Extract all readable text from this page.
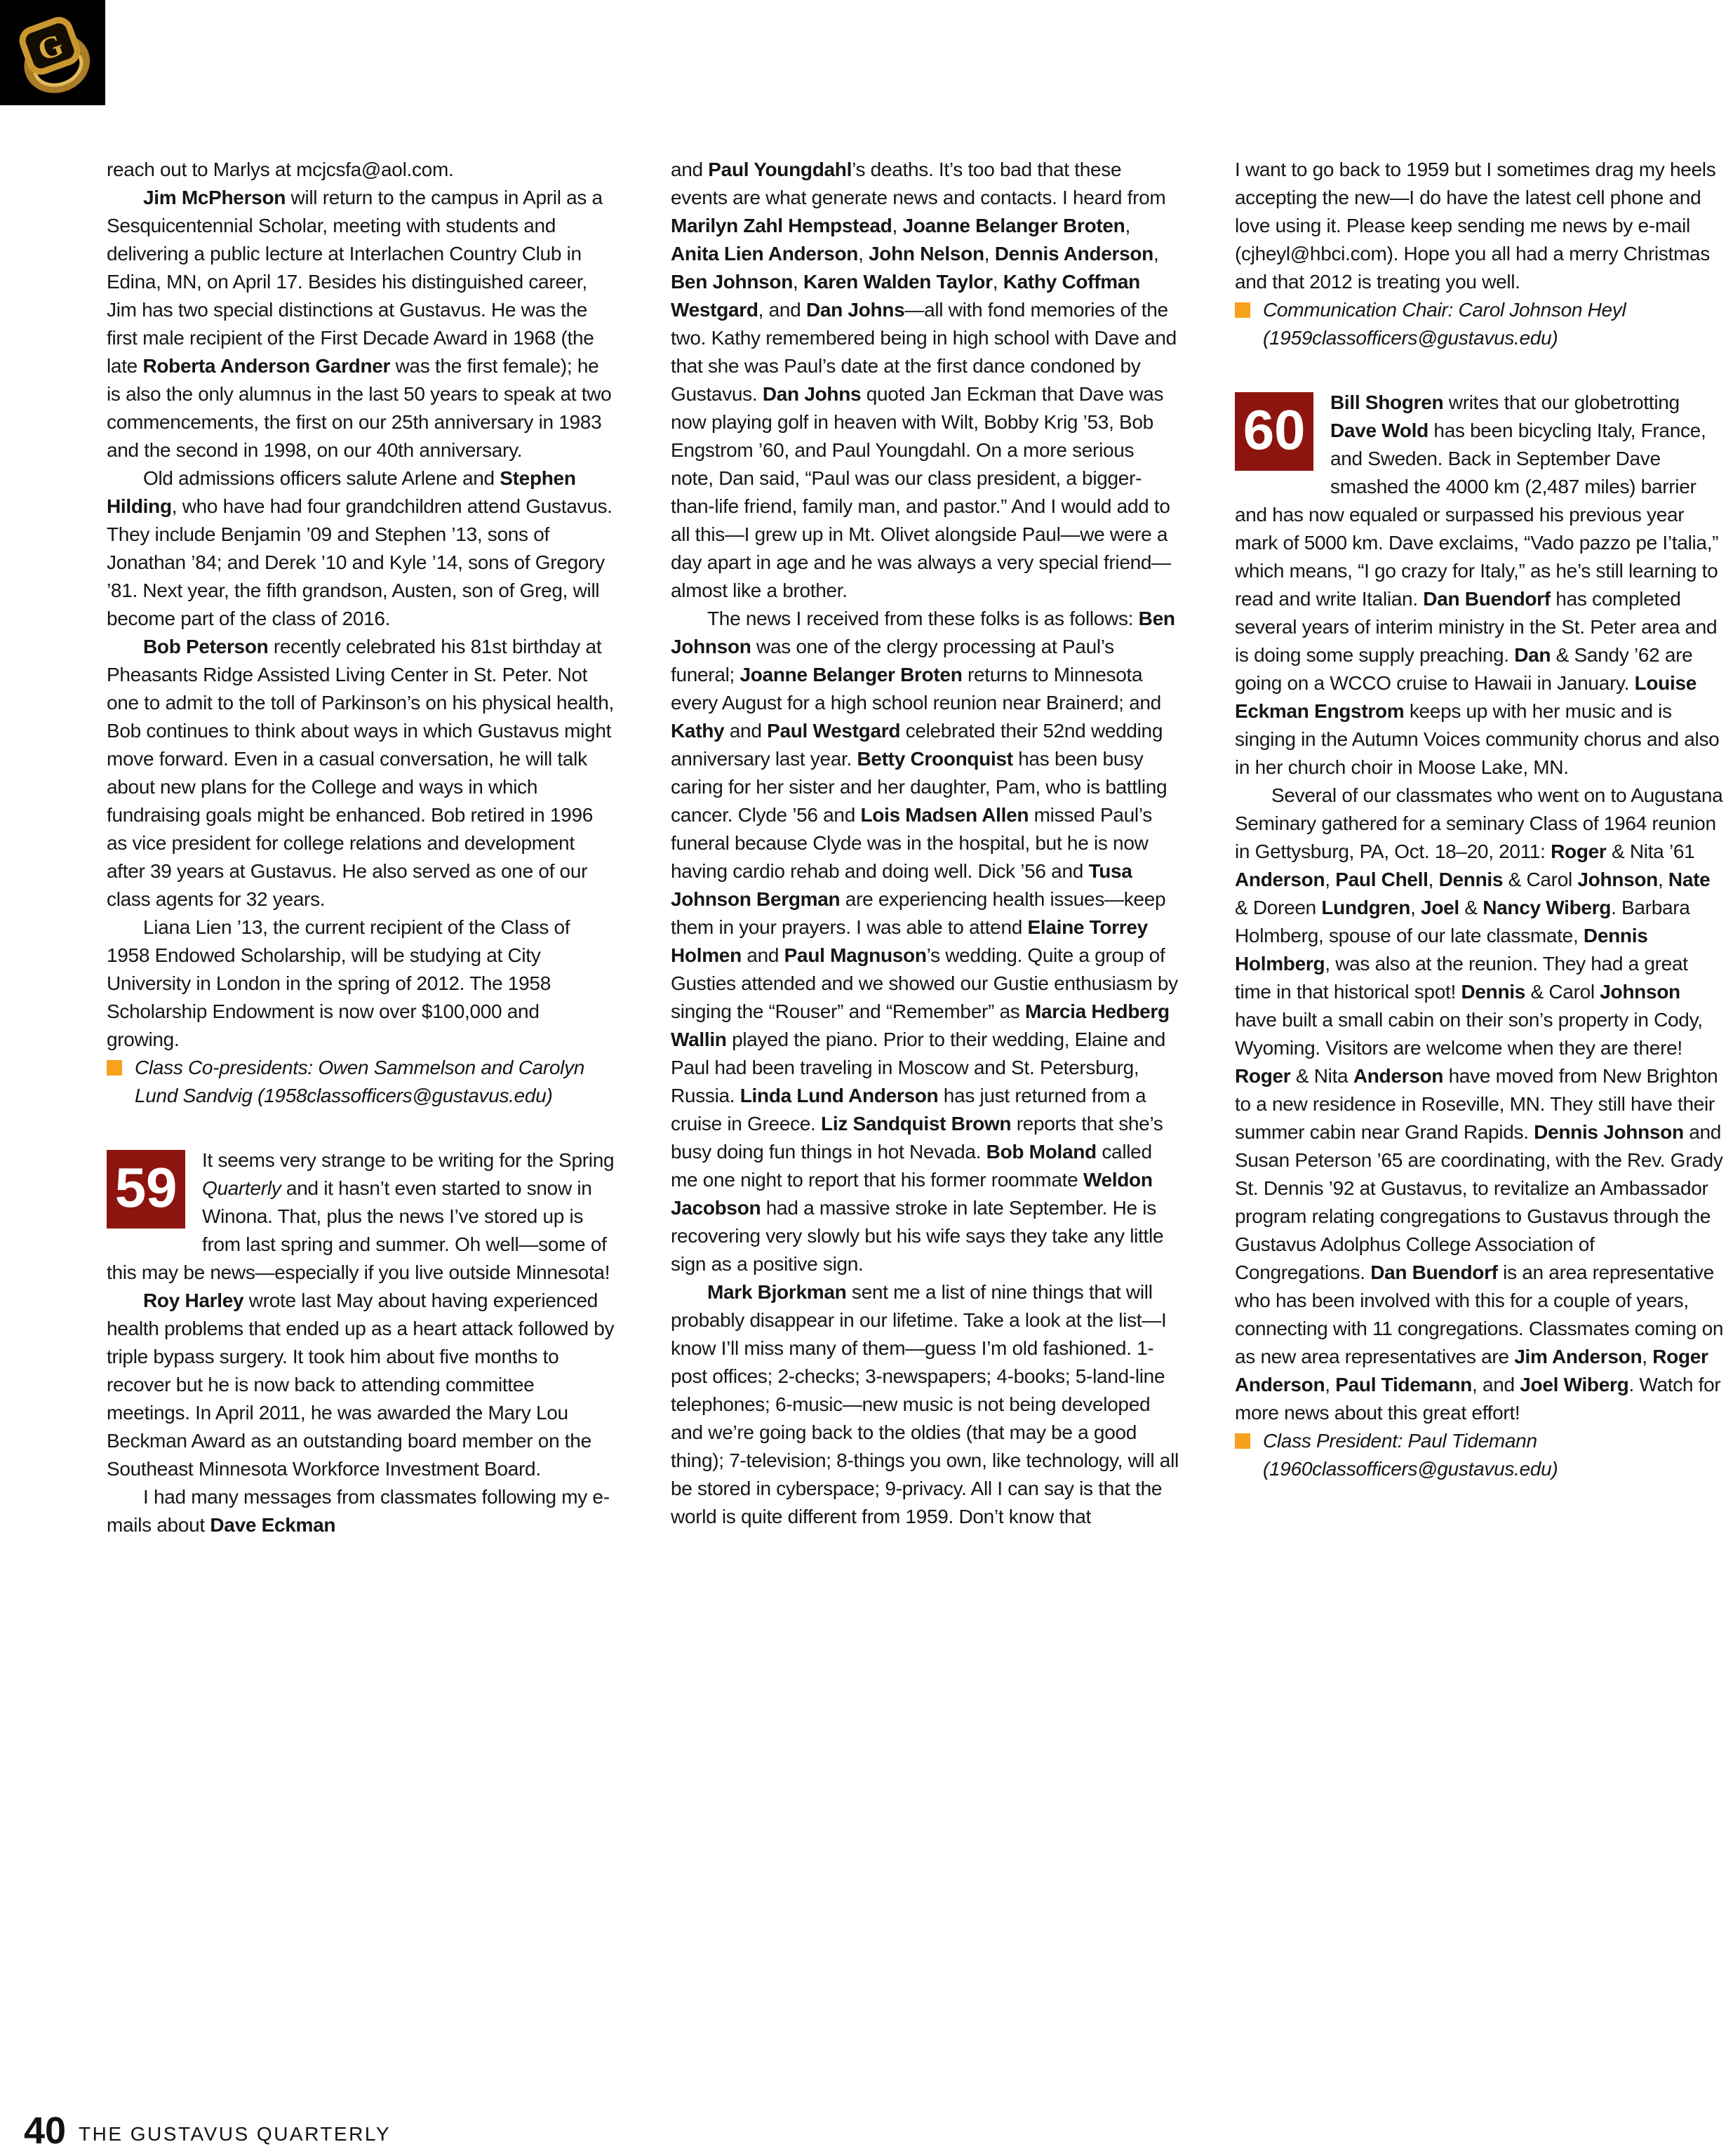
G
reach out to Marlys at mcjcsfa@aol.com.
Jim McPherson will return to the campus in April as a Sesquicentennial Scholar, meeting with students and delivering a public lecture at Interlachen Country Club in Edina, MN, on April 17. Besides his distinguished career, Jim has two special distinctions at Gustavus. He was the first male recipient of the First Decade Award in 1968 (the late Roberta Anderson Gardner was the first female); he is also the only alumnus in the last 50 years to speak at two commencements, the first on our 25th anniversary in 1983 and the second in 1998, on our 40th anniversary.
Old admissions officers salute Arlene and Stephen Hilding, who have had four grandchildren attend Gustavus. They include Benjamin ’09 and Stephen ’13, sons of Jonathan ’84; and Derek ’10 and Kyle ’14, sons of Gregory ’81. Next year, the fifth grandson, Austen, son of Greg, will become part of the class of 2016.
Bob Peterson recently celebrated his 81st birthday at Pheasants Ridge Assisted Living Center in St. Peter. Not one to admit to the toll of Parkinson’s on his physical health, Bob continues to think about ways in which Gustavus might move forward. Even in a casual conversation, he will talk about new plans for the College and ways in which fundraising goals might be enhanced. Bob retired in 1996 as vice president for college relations and development after 39 years at Gustavus. He also served as one of our class agents for 32 years.
Liana Lien ’13, the current recipient of the Class of 1958 Endowed Scholarship, will be studying at City University in London in the spring of 2012. The 1958 Scholarship Endowment is now over $100,000 and growing.
Class Co-presidents: Owen Sammelson and Carolyn Lund Sandvig (1958classofficers@gustavus.edu)
59	It seems very strange to be writing for the Spring Quarterly and it hasn’t even started to snow in Winona. That, plus the news I’ve stored up is from last spring and summer. Oh well—some of this may be news—especially if you live outside Minnesota!
Roy Harley wrote last May about having experienced health problems that ended up as a heart attack followed by triple bypass surgery. It took him about five months to recover but he is now back to attending committee meetings. In April 2011, he was awarded the Mary Lou Beckman Award as an outstanding board member on the Southeast Minnesota Workforce Investment Board.
I had many messages from classmates following my e-mails about Dave Eckman
and Paul Youngdahl’s deaths. It’s too bad that these events are what generate news and contacts. I heard from Marilyn Zahl Hempstead, Joanne Belanger Broten, Anita Lien Anderson, John Nelson, Dennis Anderson, Ben Johnson, Karen Walden Taylor, Kathy Coffman Westgard, and Dan Johns—all with fond memories of the two. Kathy remembered being in high school with Dave and that she was Paul’s date at the first dance condoned by Gustavus. Dan Johns quoted Jan Eckman that Dave was now playing golf in heaven with Wilt, Bobby Krig ’53, Bob Engstrom ’60, and Paul Youngdahl. On a more serious note, Dan said, “Paul was our class president, a bigger-than-life friend, family man, and pastor.” And I would add to all this—I grew up in Mt. Olivet alongside Paul—we were a day apart in age and he was always a very special friend—almost like a brother.
The news I received from these folks is as follows: Ben Johnson was one of the clergy processing at Paul’s funeral; Joanne Belanger Broten returns to Minnesota every August for a high school reunion near Brainerd; and Kathy and Paul Westgard celebrated their 52nd wedding anniversary last year. Betty Croonquist has been busy caring for her sister and her daughter, Pam, who is battling cancer. Clyde ’56 and Lois Madsen Allen missed Paul’s funeral because Clyde was in the hospital, but he is now having cardio rehab and doing well. Dick ’56 and Tusa Johnson Bergman are experiencing health issues—keep them in your prayers. I was able to attend Elaine Torrey Holmen and Paul Magnuson’s wedding. Quite a group of Gusties attended and we showed our Gustie enthusiasm by singing the “Rouser” and “Remember” as Marcia Hedberg Wallin played the piano. Prior to their wedding, Elaine and Paul had been traveling in Moscow and St. Petersburg, Russia. Linda Lund Anderson has just returned from a cruise in Greece. Liz Sandquist Brown reports that she’s busy doing fun things in hot Nevada. Bob Moland called me one night to report that his former roommate Weldon Jacobson had a massive stroke in late September. He is recovering very slowly but his wife says they take any little sign as a positive sign.
Mark Bjorkman sent me a list of nine things that will probably disappear in our lifetime. Take a look at the list—I know I’ll miss many of them—guess I’m old fashioned. 1-post offices; 2-checks; 3-newspapers; 4-books; 5-land-line telephones; 6-music—new music is not being developed and we’re going back to the oldies (that may be a good thing); 7-television; 8-things you own, like technology, will all be stored in cyberspace; 9-privacy. All I can say is that the world is quite different from 1959. Don’t know that
I want to go back to 1959 but I sometimes drag my heels accepting the new—I do have the latest cell phone and love using it. Please keep sending me news by e-mail (cjheyl@hbci.com). Hope you all had a merry Christmas and that 2012 is treating you well.
Communication Chair: Carol Johnson Heyl (1959classofficers@gustavus.edu)
60	Bill Shogren writes that our globetrotting Dave Wold has been bicycling Italy, France, and Sweden. Back in September Dave smashed the 4000 km (2,487 miles) barrier and has now equaled or surpassed his previous year mark of 5000 km. Dave exclaims, “Vado pazzo pe I’talia,” which means, “I go crazy for Italy,” as he’s still learning to read and write Italian. Dan Buendorf has completed several years of interim ministry in the St. Peter area and is doing some supply preaching. Dan & Sandy ’62 are going on a WCCO cruise to Hawaii in January. Louise Eckman Engstrom keeps up with her music and is singing in the Autumn Voices community chorus and also in her church choir in Moose Lake, MN.
Several of our classmates who went on to Augustana Seminary gathered for a seminary Class of 1964 reunion in Gettysburg, PA, Oct. 18–20, 2011: Roger & Nita ’61 Anderson, Paul Chell, Dennis & Carol Johnson, Nate & Doreen Lundgren, Joel & Nancy Wiberg. Barbara Holmberg, spouse of our late classmate, Dennis Holmberg, was also at the reunion. They had a great time in that historical spot! Dennis & Carol Johnson have built a small cabin on their son’s property in Cody, Wyoming. Visitors are welcome when they are there! Roger & Nita Anderson have moved from New Brighton to a new residence in Roseville, MN. They still have their summer cabin near Grand Rapids. Dennis Johnson and Susan Peterson ’65 are coordinating, with the Rev. Grady St. Dennis ’92 at Gustavus, to revitalize an Ambassador program relating congregations to Gustavus through the Gustavus Adolphus College Association of Congregations. Dan Buendorf is an area representative who has been involved with this for a couple of years, connecting with 11 congregations. Classmates coming on as new area representatives are Jim Anderson, Roger Anderson, Paul Tidemann, and Joel Wiberg. Watch for more news about this great effort!
Class President: Paul Tidemann (1960classofficers@gustavus.edu)
40 THE GUSTAVUS QUARTERLY
